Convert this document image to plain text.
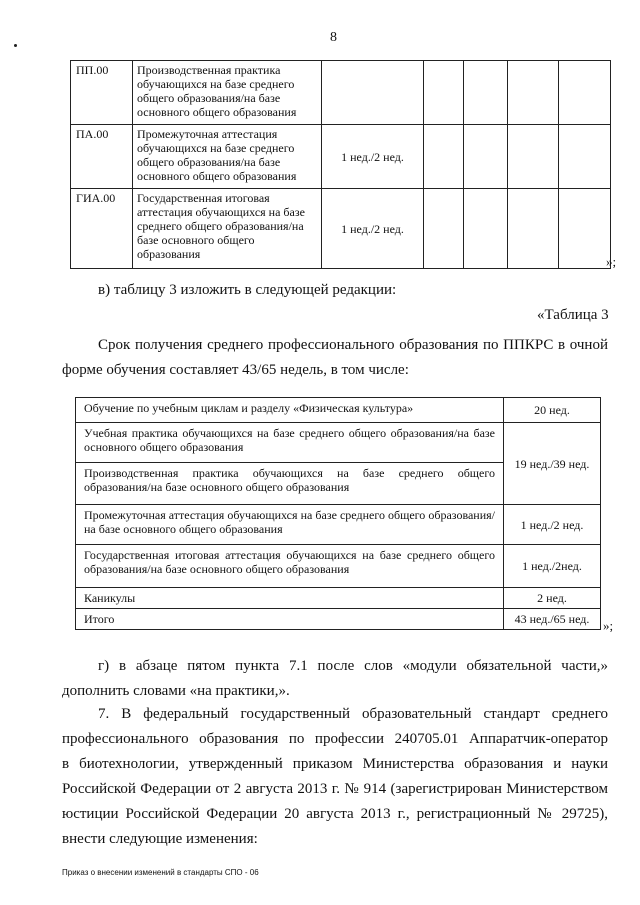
8
ПП.00	Производственная практика обучающихся на базе среднего общего образования/на базе основного общего образования					
ПА.00	Промежуточная аттестация обучающихся на базе среднего общего образования/на базе основного общего образования	1 нед./2 нед.				
ГИА.00	Государственная итоговая аттестация обучающихся на базе среднего общего образования/на базе основного общего образования	1 нед./2 нед.				
»;
в) таблицу 3 изложить в следующей редакции:
«Таблица 3
Срок получения среднего профессионального образования по ППКРС в очной
форме обучения составляет 43/65 недель, в том числе:
Обучение по учебным циклам и разделу «Физическая культура»	20 нед.
Учебная практика обучающихся на базе среднего общего образования/на базе основного общего образования	19 нед./39 нед.
Производственная практика обучающихся на базе среднего общего образования/на базе основного общего образования	
Промежуточная аттестация обучающихся на базе среднего общего образования/на базе основного общего образования	1 нед./2 нед.
Государственная итоговая аттестация обучающихся на базе среднего общего образования/на базе основного общего образования	1 нед./2нед.
Каникулы	2 нед.
Итого	43 нед./65 нед. »;
г) в абзаце пятом пункта 7.1 после слов «модули обязательной части,»
дополнить словами «на практики,».
7. В федеральный государственный образовательный стандарт среднего
профессионального образования по профессии 240705.01 Аппаратчик-оператор
в биотехнологии, утвержденный приказом Министерства образования и науки
Российской Федерации от 2 августа 2013 г. № 914 (зарегистрирован Министерством
юстиции Российской Федерации 20 августа 2013 г., регистрационный № 29725),
внести следующие изменения:
Приказ о внесении изменений в стандарты СПО - 06
